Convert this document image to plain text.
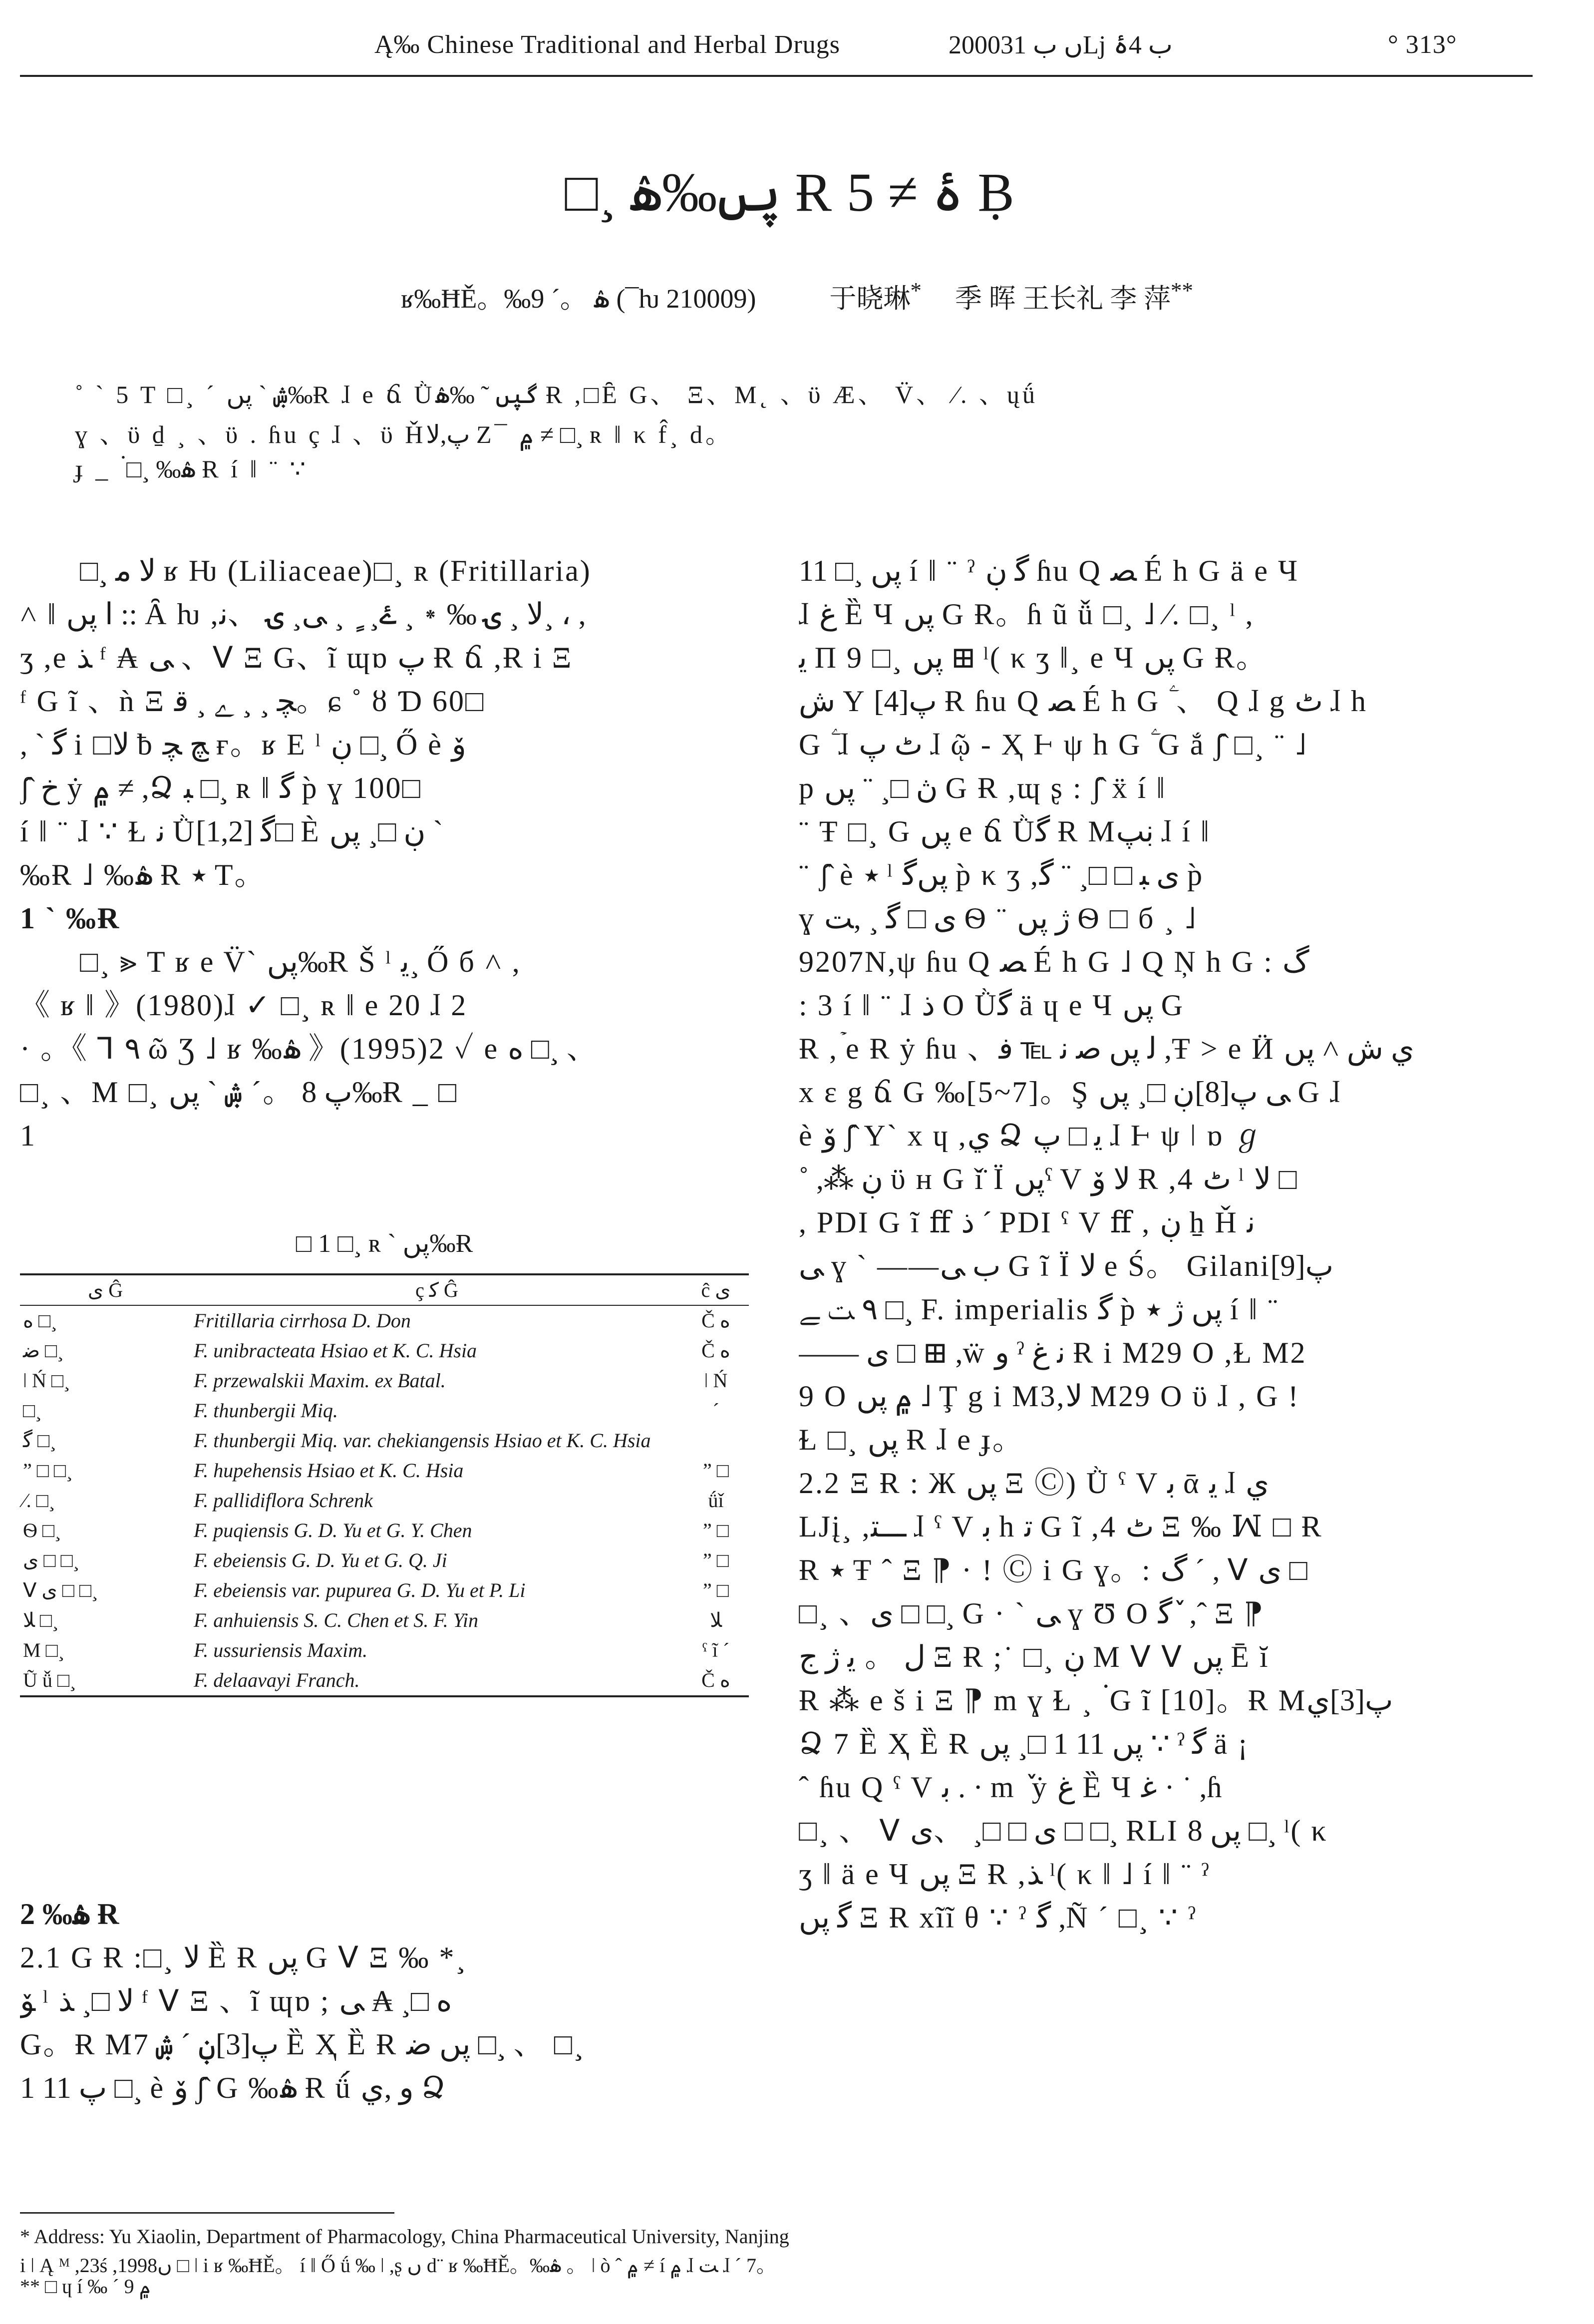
Ą‰ Chinese Traditional and Herbal Drugs	2000ں ب 31ǈ ب 4ۂ	° 313°
□¸ پں‰ۿ Ɍۂ ≠ 5 Ḅ
ʁ‰ĦĚ。‰ۿ 。´ 9 (¯ƕ 210009)	于晓琳* 季 晖 王长礼 李 萍**
˚ ` 5 T □¸ ˊ ۺ ` پں‰Ɍ ɺ e ճ Ǜگپں ˜ ‰ۿ Ɍ ,□Ȇ G、 Ξ、M˛ 、ϋ Æ、 V̈、 ⁄. 、ųǘ
ɣ 、ϋ ḏ ¸ 、ϋ . ɦu ç ɺ 、ϋ Ȟپ,ﻻ Ζ¯ ۾ ≠ □¸ ʀ ǁ κ f̂¸ d。
ɟ _ ۬ □¸ ‰ۿ Ɍ í ǁ ¨ ∵

□¸ ﻻ ﻣ ʁ Ƕ (Liliaceae)□¸ ʀ (Fritillaria)

˄ ǁ ا پں :: Ȃ ƕ ,ﻻ ¸ ۍ ‰ ٭ ¸ ۓ¸ ٍ ¸ ﯽ¸ ۍ 、ﻧ¸ ، ,

ʒ ,e ﺬ ᶠ ₳ ﻰ 、ꓦ Ξ G、ĩ ɰɒ پ Ɍ ճ ,Ɍ i Ξ

ᶠ G ĩ 、ǹ Ξ ﭽ ¸ ¸ ﮮ ¸ ﻗ。ɕ ˚ ȣ Ɗ 60□

, ` ﮔ i □ﻻ ƀ ﭻ ﭽ ғ。ʁ E ˡ ڹ □¸ Ő è ﯙ

ʃ̂ ﺥ ẏ ۾ ≠ ,Ձ ﺒ □¸ ʀ ǁ ﮔ p̀ ɣ 100□

í ǁ ¨ ɺ ∵ Ɫ ﻧ Ǜﮔ [1,2]□ È ڹ □¸ پں `

‰Ɍ ˩ ‰ۿ Ɍ ٭ T。

1 ` ‰Ɍ

□¸ ⪢ T ʁ e V̈` پں‰Ɍ Š ˡ ﯾ¸ Ő б ˄ ,

《 ʁ ǁ 》(1980)ɺ ✓ □¸ ʀ ǁ e 20 ɺ 2

· 。《 ꓶ ٩ ῶ Ʒ ˩ ʁ ‰ۿ 》(1995)2 ✓ e ﻩ □¸ 、

□¸ 、M □¸ پ 8 。ˊ ۺ ` پں‰Ɍ _ □

1

□ 1 □¸ ʀ ` پں‰Ɍ
ی Ĝ	ç ﮐ Ĝ	ĉ ﯼ
ﻩ □¸	Fritillaria cirrhosa D. Don	Č ﻩ
ﺿ □¸	F. unibracteata Hsiao et K. C. Hsia	Č ﻩ
ǀ Ń □¸	F. przewalskii Maxim. ex Batal.	ǀ Ń
□¸	F. thunbergii Miq.	´
ﮔ □¸	F. thunbergii Miq. var. chekiangensis Hsiao et K. C. Hsia	
” □ □¸	F. hupehensis Hsiao et K. C. Hsia	” □
⁄. □¸	F. pallidiflora Schrenk	ǘǐ
Ѳ □¸	F. puqiensis G. D. Yu et G. Y. Chen	” □
ی □ □¸	F. ebeiensis G. D. Yu et G. Q. Ji	” □
ꓦ ی □ □¸	F. ebeiensis var. pupurea G. D. Yu et P. Li	” □
ﻼ □¸	F. anhuiensis S. C. Chen et S. F. Yin	ﻼ
M □¸	F. ussuriensis Maxim.	ˁ ĩ ´
Ũ ǚ □¸	F. delaavayi Franch.	Č ﻩ

2 ‰ۿ Ɍ

2.1 G Ɍ :□¸ ﻻ Ȅ Ɍ پں G ꓦ Ξ ‰ *¸

ﯚ ˡ ﻻ □¸ ﺬ ᶠ ꓦ Ξ 、ĩ ɰɒ ; ﻩ □¸ ₳ ﻰ

G。Ɍ Mپ[3]ڹ ˊ ۺ 7 Ȅ Ҳ Ȅ Ɍ پں ﺿ □¸ 、 □¸

پ 11 1 □¸ è ﯙ ʃ̂ G ‰ۿ Ɍ ǘ́ و ,ي Ձ

11 □¸ پں í ǁ ¨ ˀ ﮔ ڹ ɦu Q ﺼ É h G ä e Ч

ɺ ﻍ Ȅ Ч پں G Ɍ。ɦ ũ ǚ □¸ ˩ ⁄. □¸ ˡ ,

ﯾ Π 9 □¸ پں ⊞ ˡ( κ ʒ ǁ¸ e Ч پں G Ɍ。

ﺵ Y پ[4] Ɍ ɦu Q ﺼ É h G ۧ 、 Q ɺ g ٹ ɺ h

G ۧ ɺ ٹ ﭖ ɺ ῷ - Ҳ Ⱶ ψ h G ۧ G ắ ʃ̂ □¸ ¨ ˩

p ڽ □¸ ¨ پں G Ɍ ,ɰ ʂ : ʃ̂ ẍ í ǁ

¨ Ŧ □¸ G پں e ճ Ǜﮔ Ɍ Mڹپ ɺ í ǁ

¨ ʃ̂ è ٭ ˡ پںﮔ p̀ κ ʒ ,ی ﺒ □ □¸ ¨ ﮔ p̀

ɣ ی □ ﮔ ¸ ,ﺖ Ѳ ¨ ﮊ پں Ѳ □ б ¸ ˩

9207N,ψ ɦu Q ﺼ É h G ˩ Q Ņ h G : ﮒ

: 3 í ǁ ¨ ɺ ﺫ O Ǜﮔ ä ɥ e Ч پں G

Ɍ ,ۡ e Ɍ ẏ ɦu 、ﻟ پں ﺻ ﻧ ℡ ﻓ ,Ŧ > e Ӥ ﻱ ﺵ ˄ پں

x ε g ճ G ‰[5~7]。Ş ﻰ پ[8]ڹ □¸ پں G ɺ

è ﯙ ʃ̂ Y` x ɥ ,ي Ձ ﻳ □ ﭖ ɺ Ⱶ ψ ǀ ɒ ℊ

˚ ,⁂ ڹ ϋ ʜ G ǐ̈ Ϊ پںˁ V ﻻ ﯙ Ɍ ,4 ٹ ˡ ﻻ □

, PDI G ĩ ﬀ ﺫ ´ PDI ˁ V ﬀ , ڹ ẖ Ȟ ﻧ

ﻰ ɣ ` ——ﺏ ﻰ G ĩ Ї ﻻ e Ś。 Gilaniپ[9]

٩ ﺖ ﮯ □¸ F. imperialis ﮔ p̀ پں ﮊ ٭ í ǁ ¨

—— ی □ ⊞ ,ẅ و ˀ ﻧ ﻍ Ɍ i M29 O ,Ɫ M2

9 O ۾ پں ˩ Ţ g i M3,ﻻ M29 O ϋ ɺ , G !

Ɫ □¸ پں Ɍ ɺ e ɟ。

2.2 Ξ Ɍ : Ж پں Ξ Ⓒ) Ǜ ˁ V ﺑ ᾱ ﻳ ɺ ي

LJį¸ ,ـــﺘ ɺ ˁ V ﺑ h ﺗ G ĩ ,4 ٹ Ξ ‰ ꟽ □ Ɍ

Ɍ ٭ Ŧ ˆ Ξ ⁋ · ǃ Ⓒ i G ɣ。: ﮒ ´ , ꓦ ی □

□¸ 、ی □ □¸ G · ˋ ﻰ ɣ Ʊ O ﮔ ٚ ,ˆ Ξ ⁋

ﻝ 。 ﻳ ﮊ ﺝ Ξ Ɍ ;˙ □¸ ڹ M ꓦ ꓦ پں Ē ĭ

Ɍ ⁂ e š i Ξ ⁋ m ɣ Ɫ ¸ ۬ G ĩ [10]。Ɍ Mپ[3]ي

Ձ 7 Ȅ Ҳ Ȅ Ɍ پں 11 1 □¸ پں ∵ ˀ ﮔ ä ¡

ˆ ɦu Q ˁ V ﺑ . · m ٚ ẏ ﻍ Ȅ Ч ﻏ · ˙ ,ɦ

□¸ 、 ꓦ ی □ □¸ 、ی □ □¸ RLI پں 8 □¸ ˡ( κ

ʒ ǁ ä e Ч پں Ξ Ɍ ,ﺬ ˡ( κ ǁ ˩ í ǁ ¨ ˀ

ﮔ پں Ξ Ɍ xĩĩ θ ∵ ˀ ﮔ ,Ñ ´ □¸ ∵ ˀ

* Address: Yu Xiaolin, Department of Pharmacology, China Pharmaceutical University, Nanjing
i ǀ Ą ᴹ ,23ś ,1998ں □ ǀ i ʁ ‰ĦĚ。 í ǁ Ő ǘ ‰ ǀ ,ʂ ں d¨ ʁ ‰ĦĚ。‰ۿ 。 ǀ ò ˆ ۾ ≠ í ۾ ɺ ﺖ ɺ ´ 7。
** □ ɥ í ‰ ´ ۾ 9
